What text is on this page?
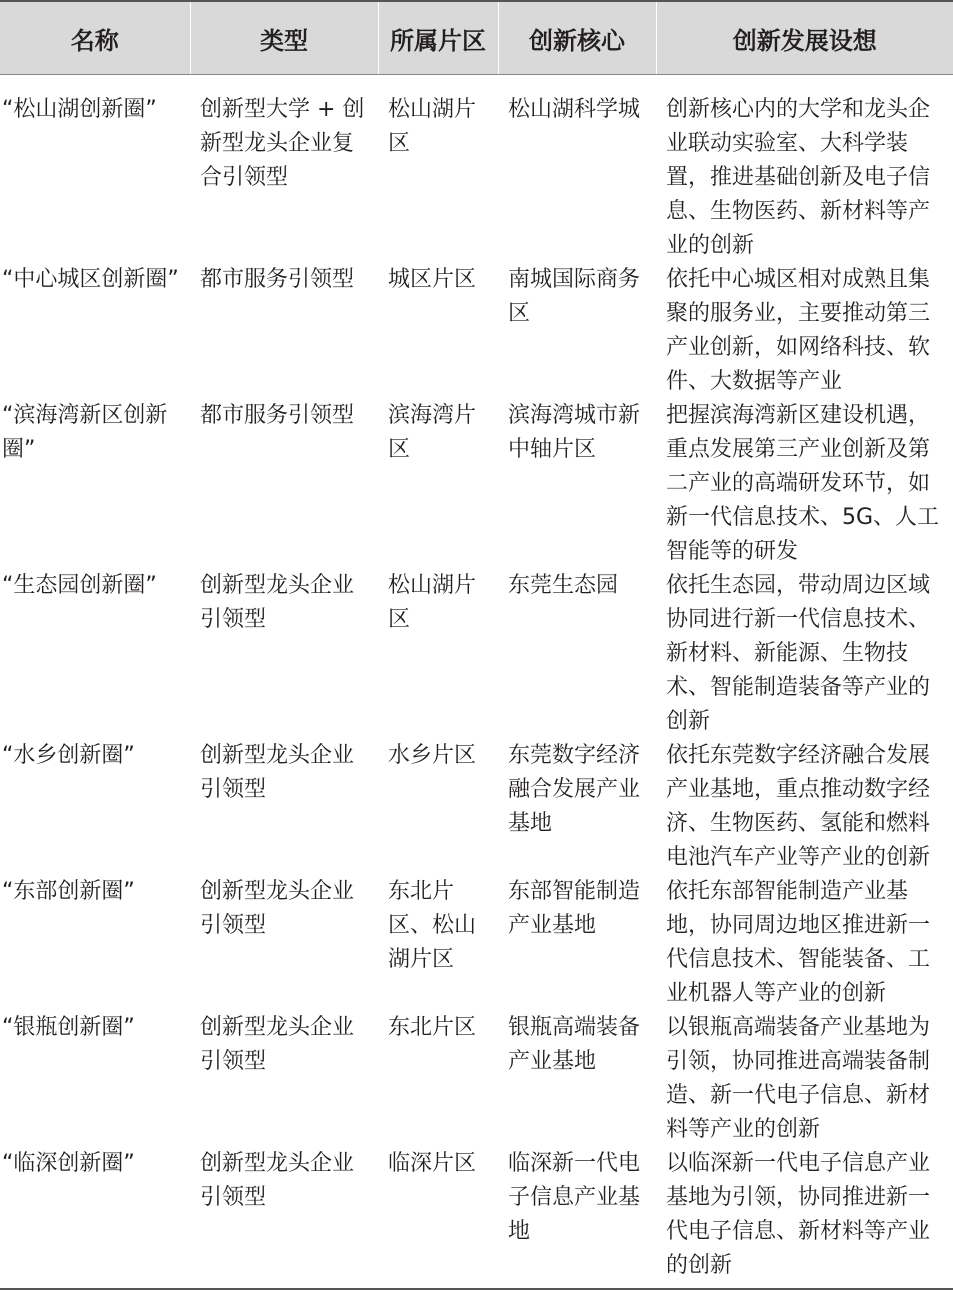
名称	类型	所属片区	创新核心	创新发展设想
“松山湖创新圈”	创新型大学 + 创新型龙头企业复合引领型	松山湖片区	松山湖科学城	创新核心内的大学和龙头企业联动实验室、大科学装置，推进基础创新及电子信息、生物医药、新材料等产业的创新
“中心城区创新圈”	都市服务引领型	城区片区	南城国际商务区	依托中心城区相对成熟且集聚的服务业，主要推动第三产业创新，如网络科技、软件、大数据等产业
“滨海湾新区创新圈”	都市服务引领型	滨海湾片区	滨海湾城市新中轴片区	把握滨海湾新区建设机遇，重点发展第三产业创新及第二产业的高端研发环节，如新一代信息技术、5G、人工智能等的研发
“生态园创新圈”	创新型龙头企业引领型	松山湖片区	东莞生态园	依托生态园，带动周边区域协同进行新一代信息技术、新材料、新能源、生物技术、智能制造装备等产业的创新
“水乡创新圈”	创新型龙头企业引领型	水乡片区	东莞数字经济融合发展产业基地	依托东莞数字经济融合发展产业基地，重点推动数字经济、生物医药、氢能和燃料电池汽车产业等产业的创新
“东部创新圈”	创新型龙头企业引领型	东北片区、松山湖片区	东部智能制造产业基地	依托东部智能制造产业基地，协同周边地区推进新一代信息技术、智能装备、工业机器人等产业的创新
“银瓶创新圈”	创新型龙头企业引领型	东北片区	银瓶高端装备产业基地	以银瓶高端装备产业基地为引领，协同推进高端装备制造、新一代电子信息、新材料等产业的创新
“临深创新圈”	创新型龙头企业引领型	临深片区	临深新一代电子信息产业基地	以临深新一代电子信息产业基地为引领，协同推进新一代电子信息、新材料等产业的创新
